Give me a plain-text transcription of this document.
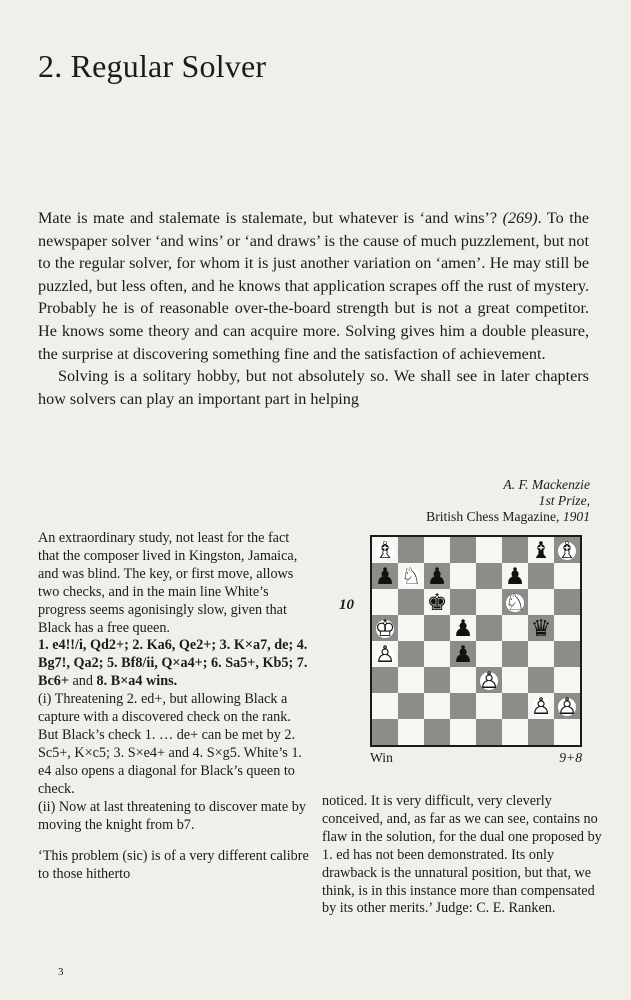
2. Regular Solver

Mate is mate and stalemate is stalemate, but whatever is ‘and wins’? (269). To the newspaper solver ‘and wins’ or ‘and draws’ is the cause of much puzzlement, but not to the regular solver, for whom it is just another variation on ‘amen’. He may still be puzzled, but less often, and he knows that application scrapes off the rust of mystery. Probably he is of reasonable over-the-board strength but is not a great competitor. He knows some theory and can acquire more. Solving gives him a double pleasure, the surprise at discovering something fine and the satisfaction of achievement.

Solving is a solitary hobby, but not absolutely so. We shall see in later chapters how solvers can play an important part in helping

A. F. Mackenzie
1st Prize,
British Chess Magazine, 1901
10
♗	♝ ♗
♟ ♘ ♟ ♟
♚ ♘
♔ ♟ ♛
♙ ♟
♙
♙ ♙
Win	9+8

An extraordinary study, not least for the fact that the composer lived in Kingston, Jamaica, and was blind. The key, or first move, allows two checks, and in the main line White’s progress seems agonisingly slow, given that Black has a free queen.

1. e4!!/i, Qd2+; 2. Ka6, Qe2+; 3. K×a7, de; 4. Bg7!, Qa2; 5. Bf8/ii, Q×a4+; 6. Sa5+, Kb5; 7. Bc6+ and 8. B×a4 wins.

(i) Threatening 2. ed+, but allowing Black a capture with a discovered check on the rank. But Black’s check 1. … de+ can be met by 2. Sc5+, K×c5; 3. S×e4+ and 4. S×g5. White’s 1. e4 also opens a diagonal for Black’s queen to check.

(ii) Now at last threatening to discover mate by moving the knight from b7.

‘This problem (sic) is of a very different calibre to those hitherto

noticed. It is very difficult, very cleverly conceived, and, as far as we can see, contains no flaw in the solution, for the dual one proposed by 1. ed has not been demonstrated. Its only drawback is the unnatural position, but that, we think, is in this instance more than compensated by its other merits.’ Judge: C. E. Ranken.

3
